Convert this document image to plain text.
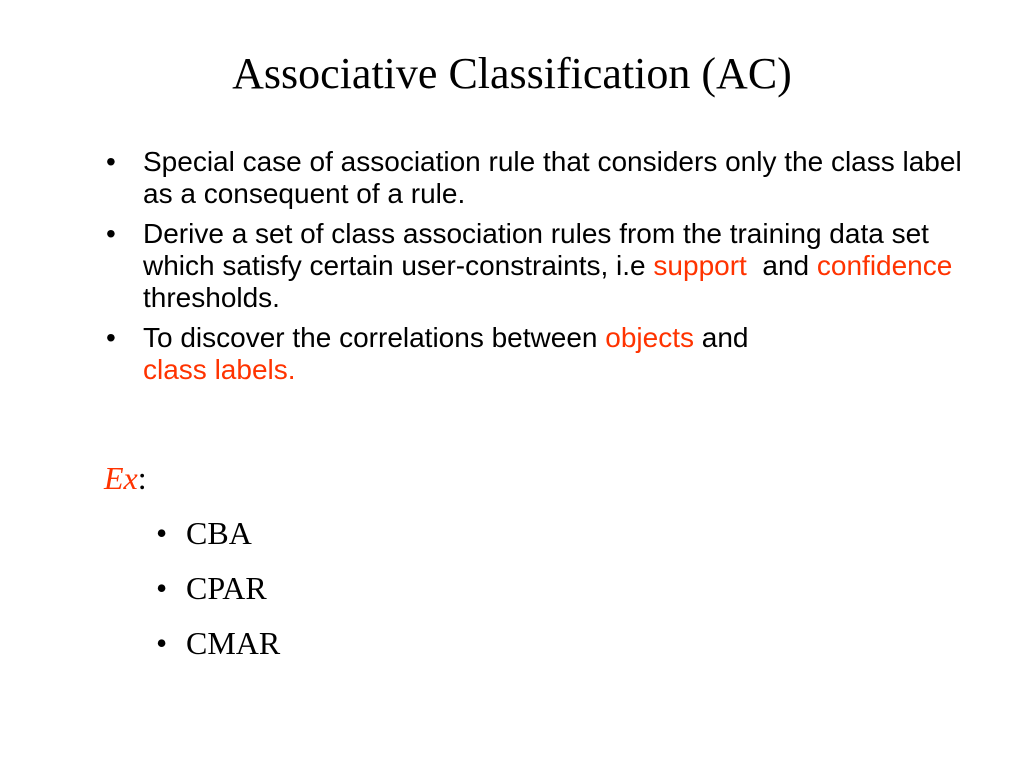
Associative Classification (AC)
• Special case of association rule that considers only the class label as a consequent of a rule.
• Derive a set of class association rules from the training data set which satisfy certain user-constraints, i.e support  and confidence thresholds.
• To discover the correlations between objects and
class labels.

Ex:

• CBA
• CPAR
• CMAR
